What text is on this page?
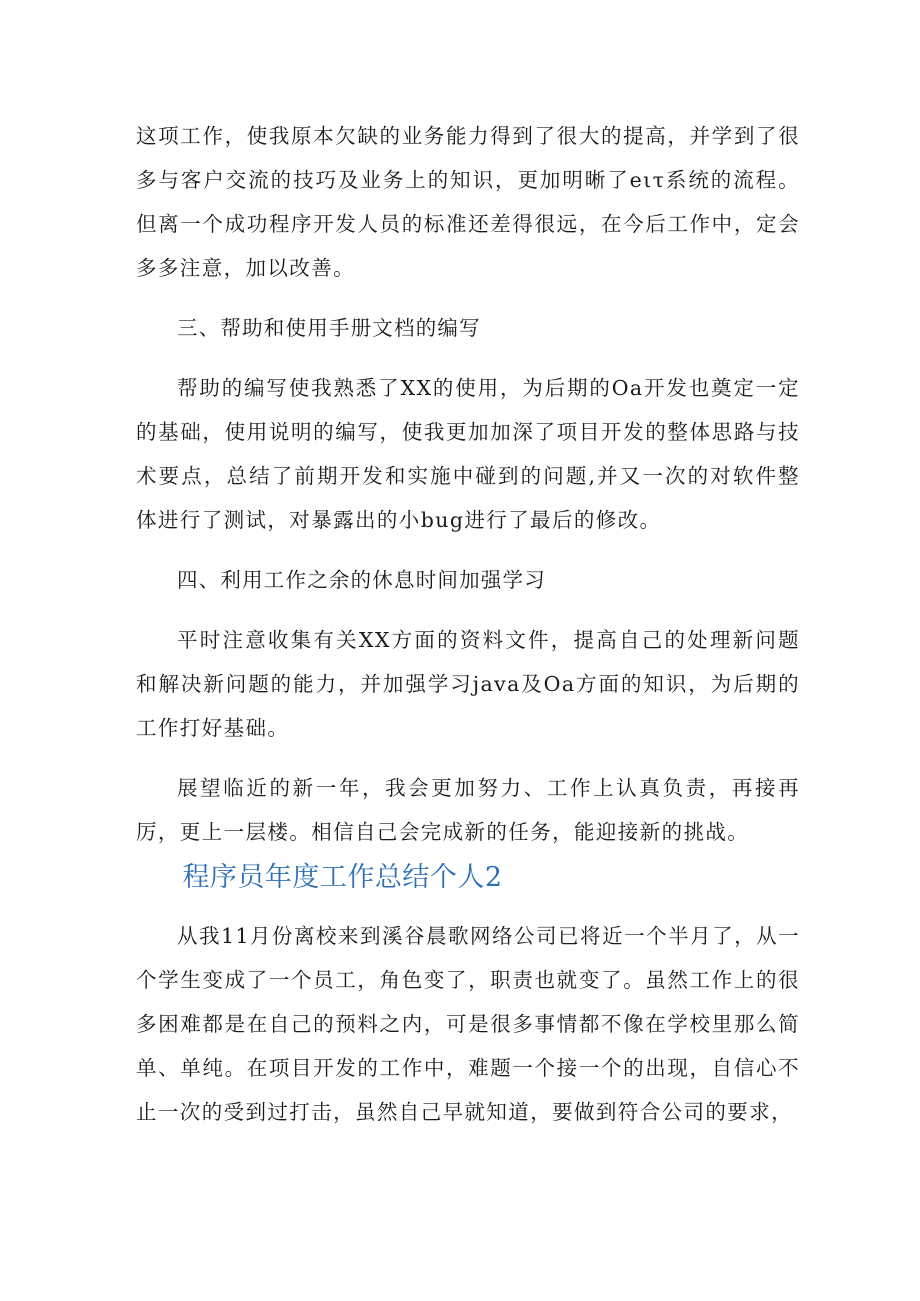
这项工作，使我原本欠缺的业务能力得到了很大的提高，并学到了很多与客户交流的技巧及业务上的知识，更加明晰了eιτ系统的流程。但离一个成功程序开发人员的标准还差得很远，在今后工作中，定会多多注意，加以改善。

三、帮助和使用手册文档的编写

帮助的编写使我熟悉了XX的使用，为后期的Oa开发也奠定一定的基础，使用说明的编写，使我更加加深了项目开发的整体思路与技术要点，总结了前期开发和实施中碰到的问题,并又一次的对软件整体进行了测试，对暴露出的小bug进行了最后的修改。

四、利用工作之余的休息时间加强学习

平时注意收集有关XX方面的资料文件，提高自己的处理新问题和解决新问题的能力，并加强学习java及Oa方面的知识，为后期的工作打好基础。

展望临近的新一年，我会更加努力、工作上认真负责，再接再厉，更上一层楼。相信自己会完成新的任务，能迎接新的挑战。

程序员年度工作总结个人2

从我11月份离校来到溪谷晨歌网络公司已将近一个半月了，从一个学生变成了一个员工，角色变了，职责也就变了。虽然工作上的很多困难都是在自己的预料之内，可是很多事情都不像在学校里那么简单、单纯。在项目开发的工作中，难题一个接一个的出现，自信心不止一次的受到过打击，虽然自己早就知道，要做到符合公司的要求，
